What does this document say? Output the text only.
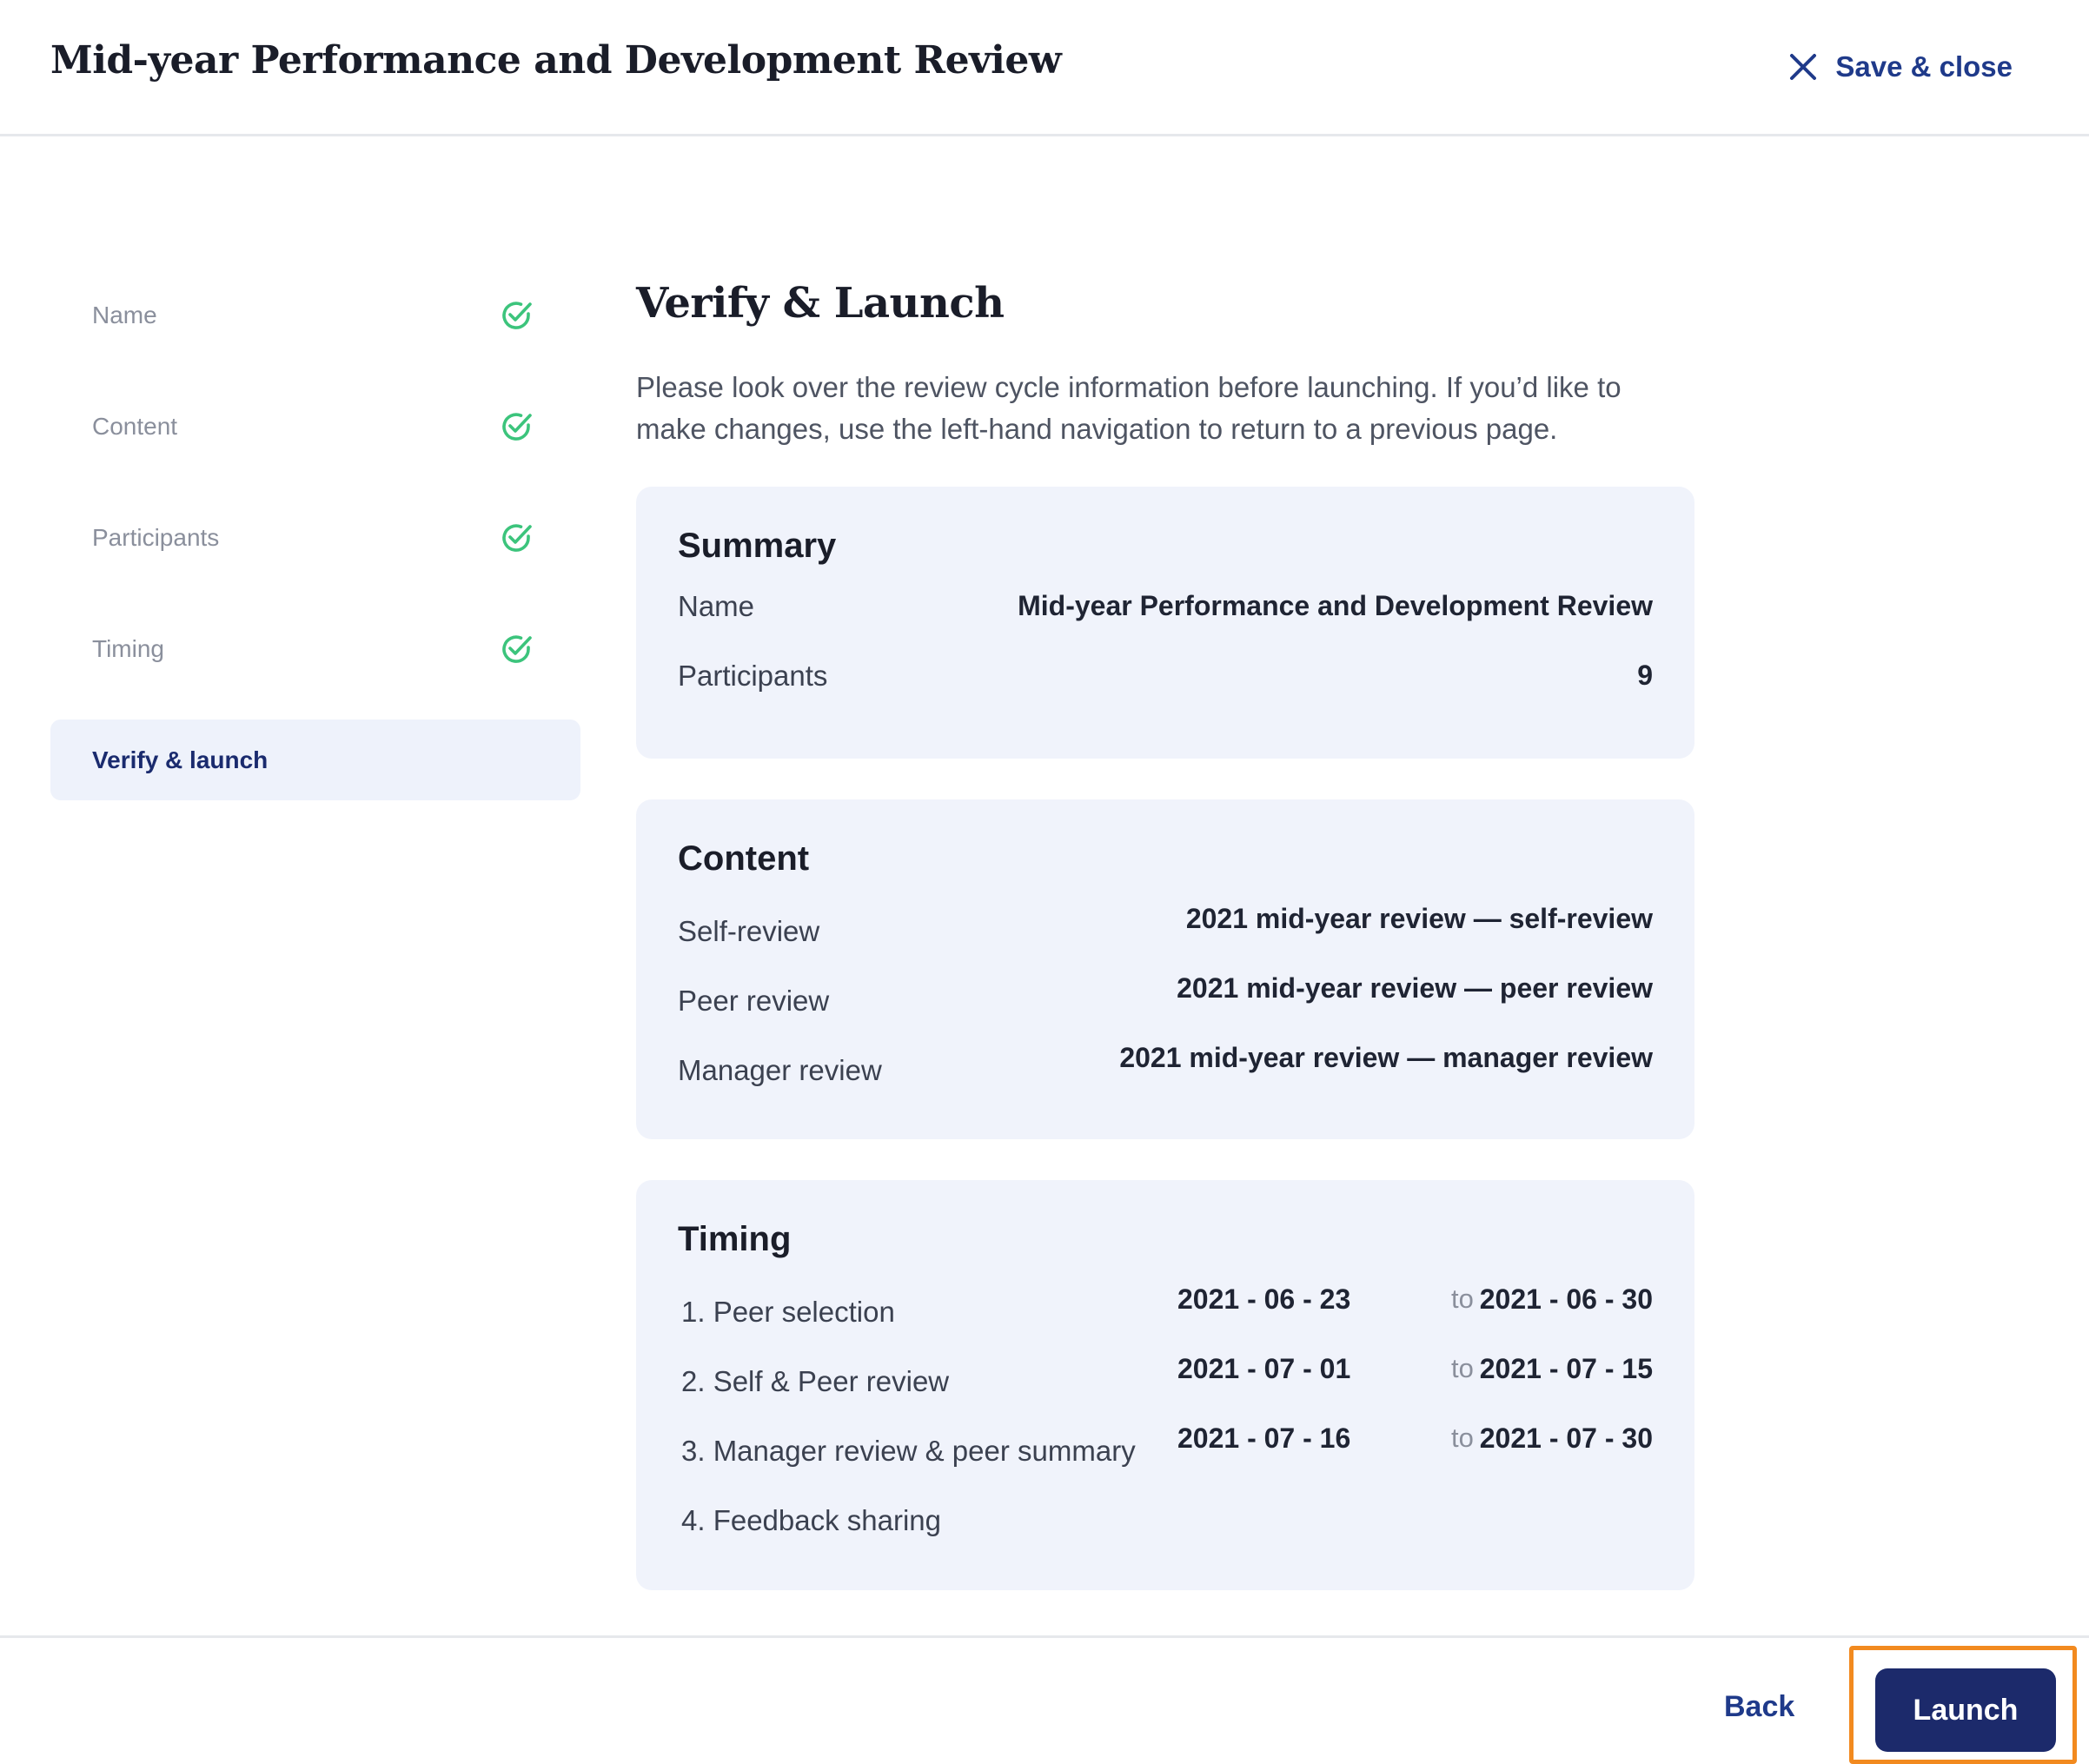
Mid-year Performance and Development Review	Save & close
Name
Content
Participants
Timing
Verify & launch
Verify & Launch
Please look over the review cycle information before launching. If you’d like to make changes, use the left-hand navigation to return to a previous page.
Summary
Name	Mid-year Performance and Development Review
Participants	9
Content
Self-review	2021 mid-year review — self-review
Peer review	2021 mid-year review — peer review
Manager review	2021 mid-year review — manager review
Timing
1. Peer selection	2021 - 06 - 23	to 2021 - 06 - 30
2. Self & Peer review	2021 - 07 - 01	to 2021 - 07 - 15
3. Manager review & peer summary 2021 - 07 - 16	to 2021 - 07 - 30
4. Feedback sharing
Back	Launch
